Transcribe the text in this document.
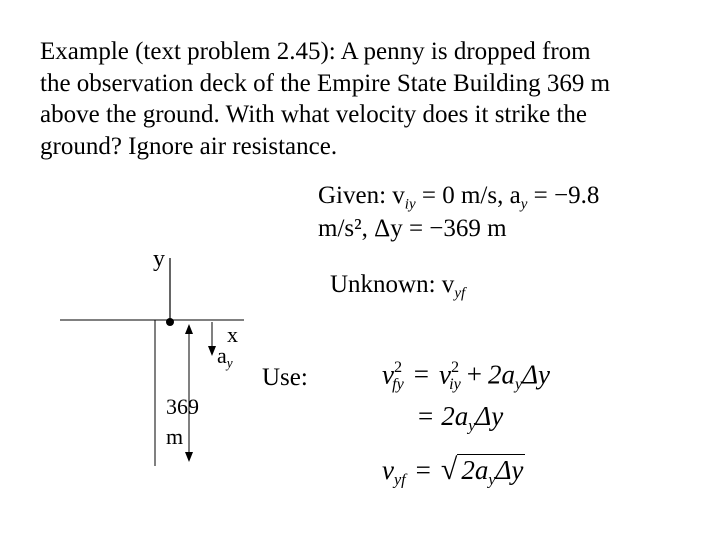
Example (text problem 2.45): A penny is dropped from
the observation deck of the Empire State Building 369 m
above the ground. With what velocity does it strike the
ground? Ignore air resistance.
Given: $v_{iy} = 0$ m/s, $a_y = -9.8$
m/s², Δy = −369 m
Unknown: $v_{yf}$
y
x
$a_y$
369
m
Use:	$v^2_{fy} = v^2_{iy} + 2a_y\Delta y$
= $2a_y\Delta y$
$v_{yf}$ = √ $2a_y\Delta y$
